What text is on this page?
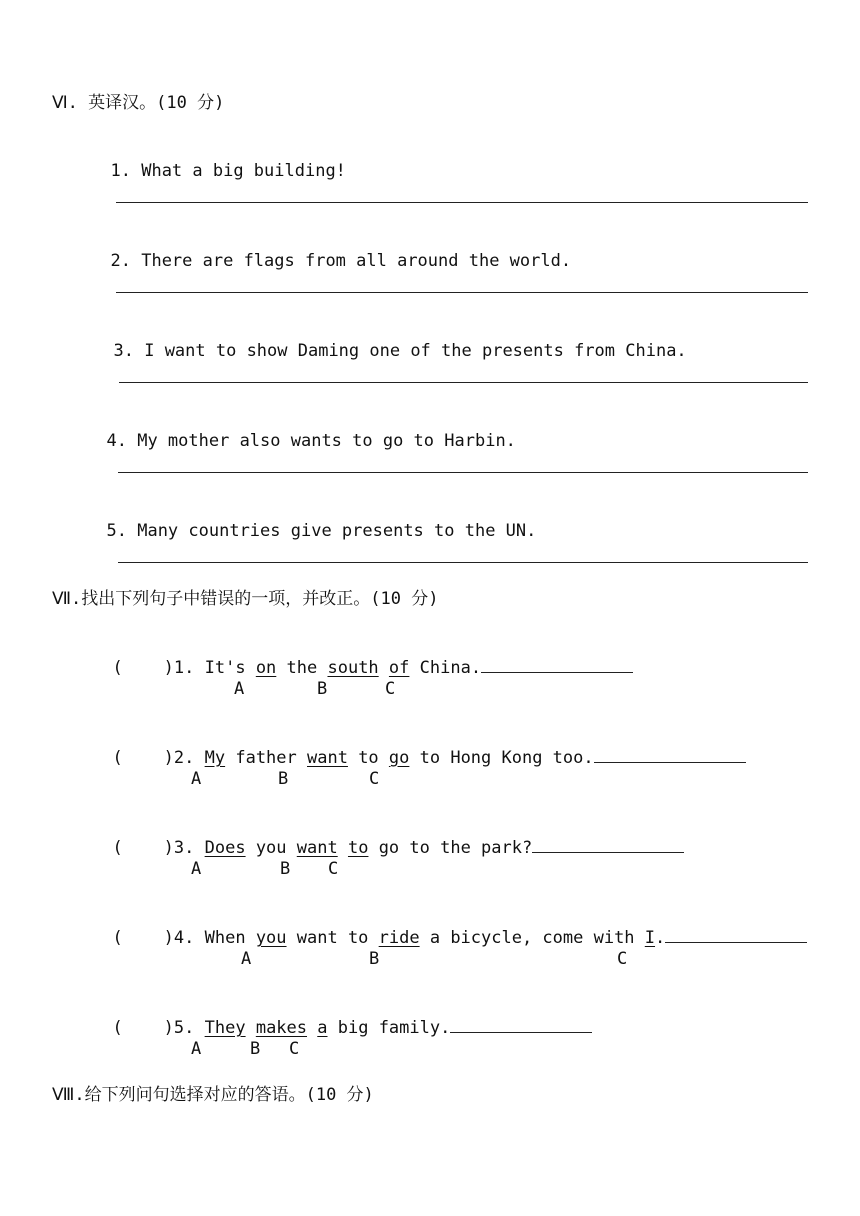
Ⅵ. 英译汉。(10 分)

1. What a big building!

2. There are flags from all around the world.

3. I want to show Daming one of the presents from China.

4. My mother also wants to go to Harbin.

5. Many countries give presents to the UN.

Ⅶ.找出下列句子中错误的一项，并改正。(10 分)

(    )1. It's on the south of China.

A	B	C

(    )2. My father want to go to Hong Kong too.

A	B	C

(    )3. Does you want to go to the park?

A	B C

(    )4. When you want to ride a bicycle, come with I.

A	B	C

(    )5. They makes a big family.

A	B C
Ⅷ.给下列问句选择对应的答语。(10 分)
